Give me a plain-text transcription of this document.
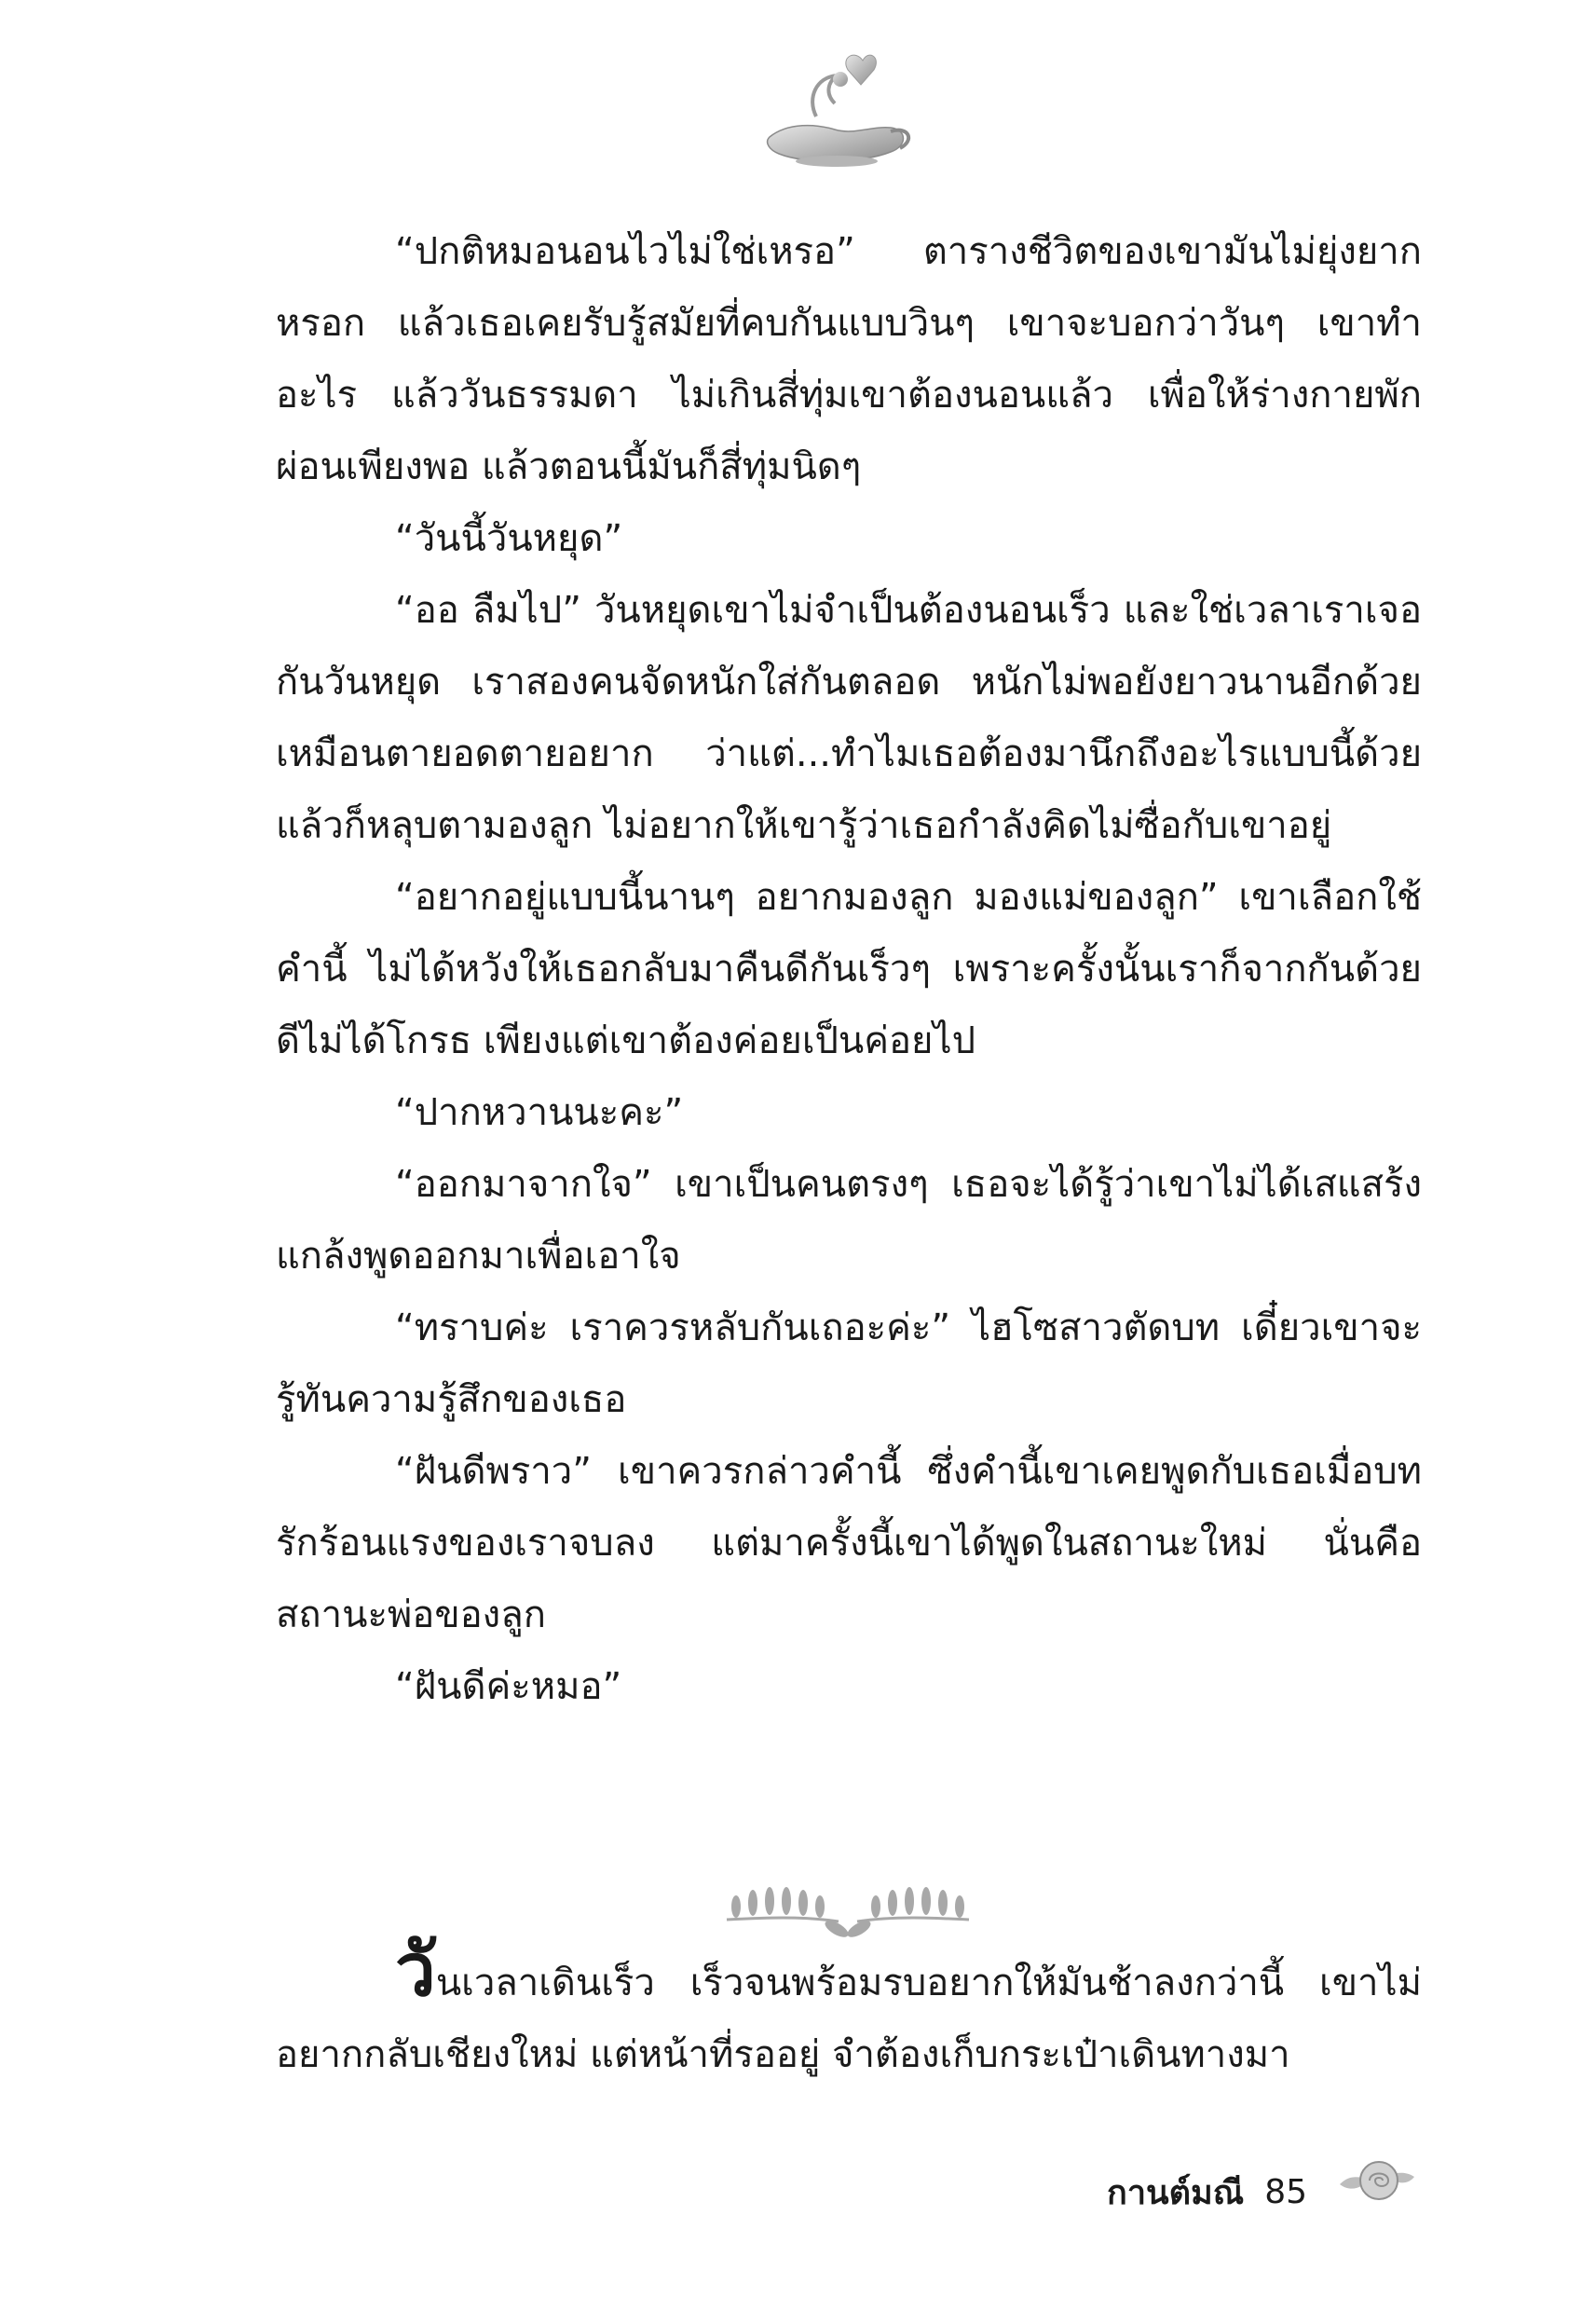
“ปกติหมอนอนไวไม่ใช่เหรอ” ตารางชีวิตของเขามันไม่ยุ่งยากหรอก แล้วเธอเคยรับรู้สมัยที่คบกันแบบวินๆ เขาจะบอกว่าวันๆ เขาทำอะไร แล้ววันธรรมดา ไม่เกินสี่ทุ่มเขาต้องนอนแล้ว เพื่อให้ร่างกายพักผ่อนเพียงพอ แล้วตอนนี้มันก็สี่ทุ่มนิดๆ

“วันนี้วันหยุด”

“ออ ลืมไป” วันหยุดเขาไม่จำเป็นต้องนอนเร็ว และใช่เวลาเราเจอกันวันหยุด เราสองคนจัดหนักใส่กันตลอด หนักไม่พอยังยาวนานอีกด้วย เหมือนตายอดตายอยาก ว่าแต่...ทำไมเธอต้องมานึกถึงอะไรแบบนี้ด้วย แล้วก็หลุบตามองลูก ไม่อยากให้เขารู้ว่าเธอกำลังคิดไม่ซื่อกับเขาอยู่

“อยากอยู่แบบนี้นานๆ อยากมองลูก มองแม่ของลูก” เขาเลือกใช้คำนี้ ไม่ได้หวังให้เธอกลับมาคืนดีกันเร็วๆ เพราะครั้งนั้นเราก็จากกันด้วยดีไม่ได้โกรธ เพียงแต่เขาต้องค่อยเป็นค่อยไป

“ปากหวานนะคะ”

“ออกมาจากใจ” เขาเป็นคนตรงๆ เธอจะได้รู้ว่าเขาไม่ได้เสแสร้งแกล้งพูดออกมาเพื่อเอาใจ

“ทราบค่ะ เราควรหลับกันเถอะค่ะ” ไฮโซสาวตัดบท เดี๋ยวเขาจะรู้ทันความรู้สึกของเธอ

“ฝันดีพราว” เขาควรกล่าวคำนี้ ซึ่งคำนี้เขาเคยพูดกับเธอเมื่อบทรักร้อนแรงของเราจบลง แต่มาครั้งนี้เขาได้พูดในสถานะใหม่ นั่นคือสถานะพ่อของลูก

“ฝันดีค่ะหมอ”

วันเวลาเดินเร็ว เร็วจนพร้อมรบอยากให้มันช้าลงกว่านี้ เขาไม่อยากกลับเชียงใหม่ แต่หน้าที่รออยู่ จำต้องเก็บกระเป๋าเดินทางมา

กานต์มณี 85
